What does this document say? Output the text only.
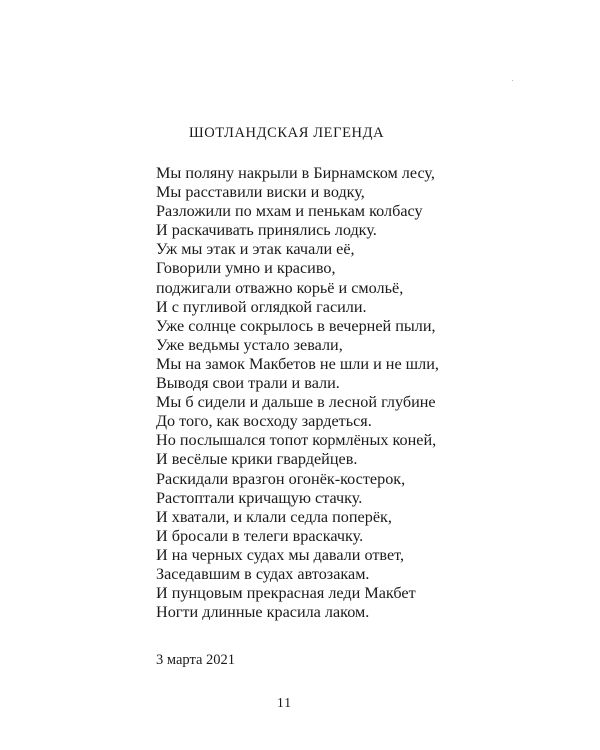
ШОТЛАНДСКАЯ ЛЕГЕНДА
Мы поляну накрыли в Бирнамском лесу,
Мы расставили виски и водку,
Разложили по мхам и пенькам колбасу
И раскачивать принялись лодку.
Уж мы этак и этак качали её,
Говорили умно и красиво,
поджигали отважно корьё и смольё,
И с пугливой оглядкой гасили.
Уже солнце сокрылось в вечерней пыли,
Уже ведьмы устало зевали,
Мы на замок Макбетов не шли и не шли,
Выводя свои трали и вали.
Мы б сидели и дальше в лесной глубине
До того, как восходу зардеться.
Но послышался топот кормлёных коней,
И весёлые крики гвардейцев.
Раскидали вразгон огонёк-костерок,
Растоптали кричащую стачку.
И хватали, и клали седла поперёк,
И бросали в телеги враскачку.
И на черных судах мы давали ответ,
Заседавшим в судах автозакам.
И пунцовым прекрасная леди Макбет
Ногти длинные красила лаком.
3 марта 2021
11
